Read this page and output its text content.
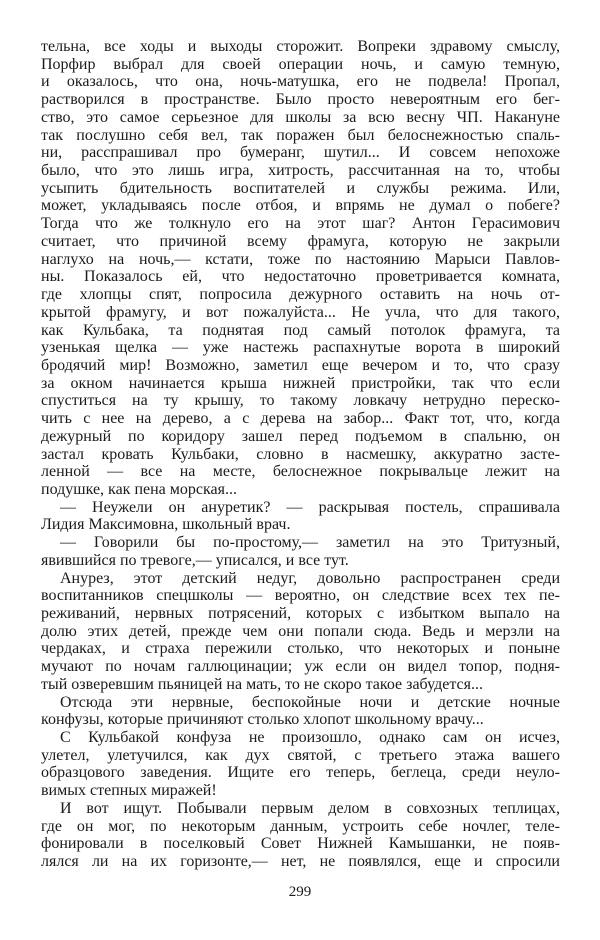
тельна, все ходы и выходы сторожит. Вопреки здравому смыслу,
Порфир выбрал для своей операции ночь, и самую темную,
и оказалось, что она, ночь-матушка, его не подвела! Пропал,
растворился в пространстве. Было просто невероятным его бег-
ство, это самое серьезное для школы за всю весну ЧП. Накануне
так послушно себя вел, так поражен был белоснежностью спаль-
ни, расспрашивал про бумеранг, шутил... И совсем непохоже
было, что это лишь игра, хитрость, рассчитанная на то, чтобы
усыпить бдительность воспитателей и службы режима. Или,
может, укладываясь после отбоя, и впрямь не думал о побеге?
Тогда что же толкнуло его на этот шаг? Антон Герасимович
считает, что причиной всему фрамуга, которую не закрыли
наглухо на ночь,— кстати, тоже по настоянию Марыси Павлов-
ны. Показалось ей, что недостаточно проветривается комната,
где хлопцы спят, попросила дежурного оставить на ночь от-
крытой фрамугу, и вот пожалуйста... Не учла, что для такого,
как Кульбака, та поднятая под самый потолок фрамуга, та
узенькая щелка — уже настежь распахнутые ворота в широкий
бродячий мир! Возможно, заметил еще вечером и то, что сразу
за окном начинается крыша нижней пристройки, так что если
спуститься на ту крышу, то такому ловкачу нетрудно переско-
чить с нее на дерево, а с дерева на забор... Факт тот, что, когда
дежурный по коридору зашел перед подъемом в спальню, он
застал кровать Кульбаки, словно в насмешку, аккуратно засте-
ленной — все на месте, белоснежное покрывальце лежит на
подушке, как пена морская...
— Неужели он ануретик? — раскрывая постель, спрашивала
Лидия Максимовна, школьный врач.
— Говорили бы по-простому,— заметил на это Тритузный,
явившийся по тревоге,— уписался, и все тут.
Анурез, этот детский недуг, довольно распространен среди
воспитанников спецшколы — вероятно, он следствие всех тех пе-
реживаний, нервных потрясений, которых с избытком выпало на
долю этих детей, прежде чем они попали сюда. Ведь и мерзли на
чердаках, и страха пережили столько, что некоторых и поныне
мучают по ночам галлюцинации; уж если он видел топор, подня-
тый озверевшим пьяницей на мать, то не скоро такое забудется...
Отсюда эти нервные, беспокойные ночи и детские ночные
конфузы, которые причиняют столько хлопот школьному врачу...
С Кульбакой конфуза не произошло, однако сам он исчез,
улетел, улетучился, как дух святой, с третьего этажа вашего
образцового заведения. Ищите его теперь, беглеца, среди неуло-
вимых степных миражей!
И вот ищут. Побывали первым делом в совхозных теплицах,
где он мог, по некоторым данным, устроить себе ночлег, теле-
фонировали в поселковый Совет Нижней Камышанки, не появ-
лялся ли на их горизонте,— нет, не появлялся, еще и спросили
299
